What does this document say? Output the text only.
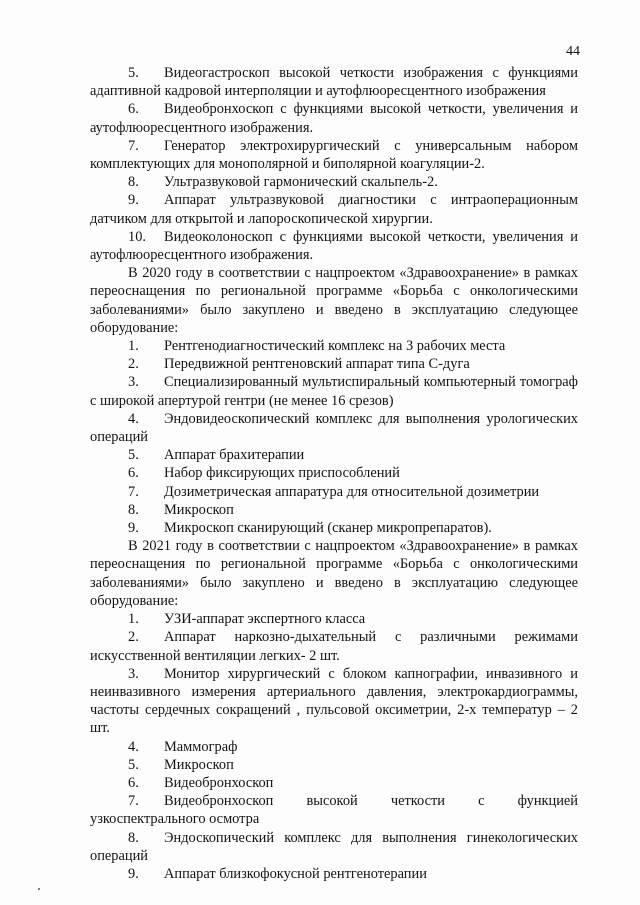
44
5. Видеогастроскоп высокой четкости изображения с функциями адаптивной кадровой интерполяции и аутофлюоресцентного изображения
6. Видеобронхоскоп с функциями высокой четкости, увеличения и аутофлюоресцентного изображения.
7. Генератор электрохирургический с универсальным набором комплектующих для монополярной и биполярной коагуляции-2.
8. Ультразвуковой гармонический скальпель-2.
9. Аппарат ультразвуковой диагностики с интраоперационным датчиком для открытой и лапороскопической хирургии.
10. Видеоколоноскоп с функциями высокой четкости, увеличения и аутофлюоресцентного изображения.
В 2020 году в соответствии с нацпроектом «Здравоохранение» в рамках переоснащения по региональной программе «Борьба с онкологическими заболеваниями» было закуплено и введено в эксплуатацию следующее оборудование:
1. Рентгенодиагностический комплекс на 3 рабочих места
2. Передвижной рентгеновский аппарат типа С-дуга
3. Специализированный мультиспиральный компьютерный томограф с широкой апертурой гентри (не менее 16 срезов)
4. Эндовидеоскопический комплекс для выполнения урологических операций
5. Аппарат брахитерапии
6. Набор фиксирующих приспособлений
7. Дозиметрическая аппаратура для относительной дозиметрии
8. Микроскоп
9. Микроскоп сканирующий (сканер микропрепаратов).
В 2021 году в соответствии с нацпроектом «Здравоохранение» в рамках переоснащения по региональной программе «Борьба с онкологическими заболеваниями» было закуплено и введено в эксплуатацию следующее оборудование:
1. УЗИ-аппарат экспертного класса
2. Аппарат наркозно-дыхательный с различными режимами искусственной вентиляции легких- 2 шт.
3. Монитор хирургический с блоком капнографии, инвазивного и неинвазивного измерения артериального давления, электрокардиограммы, частоты сердечных сокращений , пульсовой оксиметрии, 2-х температур – 2 шт.
4. Маммограф
5. Микроскоп
6. Видеобронхоскоп
7. Видеобронхоскоп высокой четкости с функцией узкоспектрального осмотра
8. Эндоскопический комплекс для выполнения гинекологических операций
9. Аппарат близкофокусной рентгенотерапии
